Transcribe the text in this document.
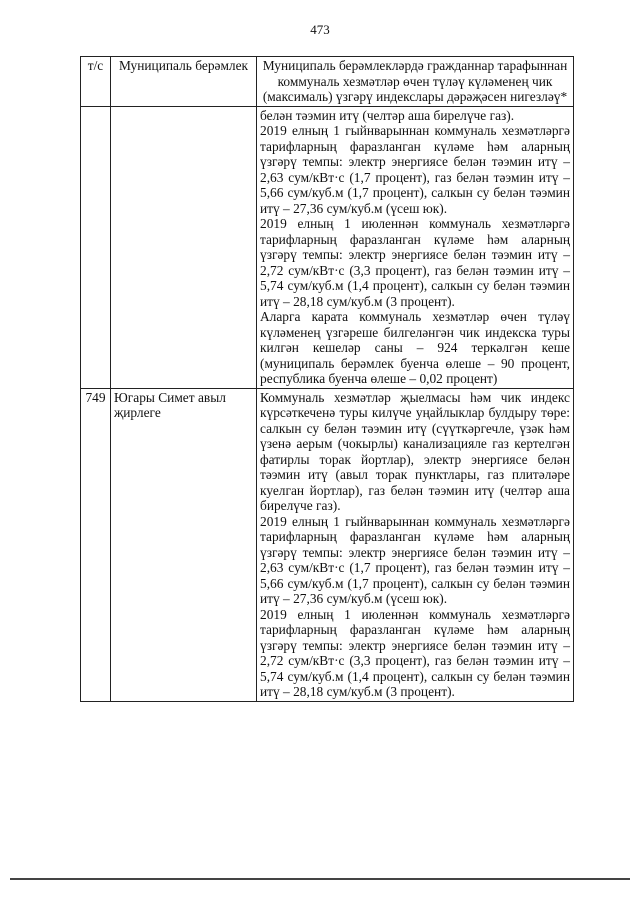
473
т/с	Муниципаль берәмлек	Муниципаль берәмлекләрдә гражданнар тарафыннан коммуналь хезмәтләр өчен түләү күләменең чик (максималь) үзгәрү индекслары дәрәҗәсен нигезләү*

		белән тәэмин итү (челтәр аша бирелүче газ).

2019 елның 1 гыйнварыннан коммуналь хезмәтләргә тарифларның фаразланган күләме һәм аларның үзгәрү темпы: электр энергиясе белән тәэмин итү – 2,63 сум/кВт·с (1,7 процент), газ белән тәэмин итү – 5,66 сум/куб.м (1,7 процент), салкын су белән тәэмин итү – 27,36 сум/куб.м (үсеш юк).

2019 елның 1 июленнән коммуналь хезмәтләргә тарифларның фаразланган күләме һәм аларның үзгәрү темпы: электр энергиясе белән тәэмин итү – 2,72 сум/кВт·с (3,3 процент), газ белән тәэмин итү – 5,74 сум/куб.м (1,4 процент), салкын су белән тәэмин итү – 28,18 сум/куб.м (3 процент).

Аларга карата коммуналь хезмәтләр өчен түләү күләменең үзгәреше билгеләнгән чик индекска туры килгән кешеләр саны – 924 теркәлгән кеше (муниципаль берәмлек буенча өлеше – 90 процент, республика буенча өлеше – 0,02 процент)

749	Югары Симет авыл җирлеге	Коммуналь хезмәтләр җыелмасы һәм чик индекс күрсәткеченә туры килүче уңайлыклар булдыру төре: салкын су белән тәэмин итү (сүүткәргечле, үзәк һәм үзенә аерым (чокырлы) канализацияле газ кертелгән фатирлы торак йортлар), электр энергиясе белән тәэмин итү (авыл торак пунктлары, газ плитәләре куелган йортлар), газ белән тәэмин итү (челтәр аша бирелүче газ).

2019 елның 1 гыйнварыннан коммуналь хезмәтләргә тарифларның фаразланган күләме һәм аларның үзгәрү темпы: электр энергиясе белән тәэмин итү – 2,63 сум/кВт·с (1,7 процент), газ белән тәэмин итү – 5,66 сум/куб.м (1,7 процент), салкын су белән тәэмин итү – 27,36 сум/куб.м (үсеш юк).

2019 елның 1 июленнән коммуналь хезмәтләргә тарифларның фаразланган күләме һәм аларның үзгәрү темпы: электр энергиясе белән тәэмин итү – 2,72 сум/кВт·с (3,3 процент), газ белән тәэмин итү – 5,74 сум/куб.м (1,4 процент), салкын су белән тәэмин итү – 28,18 сум/куб.м (3 процент).
